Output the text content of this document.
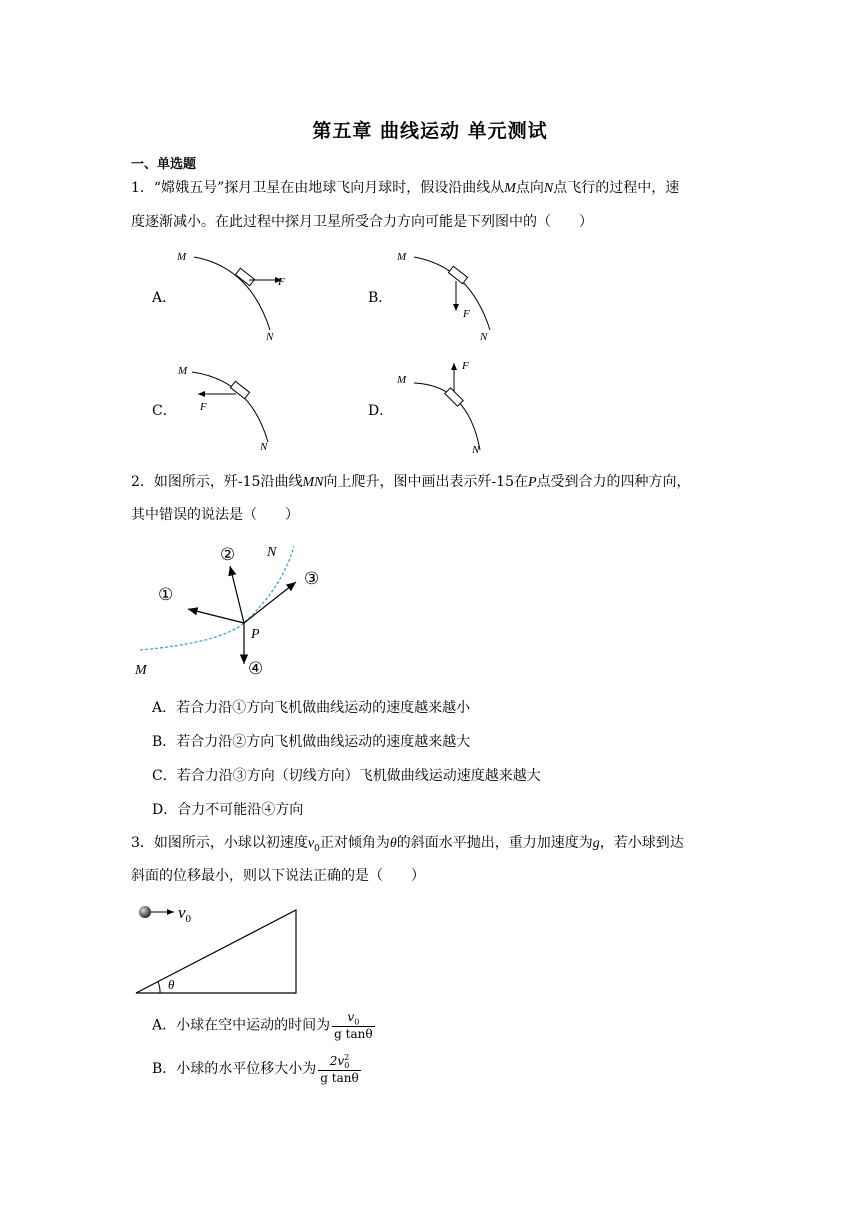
第五章 曲线运动 单元测试
一、单选题
1．“嫦娥五号”探月卫星在由地球飞向月球时，假设沿曲线从M点向N点飞行的过程中，速
度逐渐减小。在此过程中探月卫星所受合力方向可能是下列图中的（　　）
A．	B．
C．	D．
M
N
F
M
N
F
M
N
F
M
N
F
2．如图所示，歼-15沿曲线MN向上爬升，图中画出表示歼-15在P点受到合力的四种方向，
其中错误的说法是（　　）
①
②
③
④
N
M
P
A．若合力沿①方向飞机做曲线运动的速度越来越小
B．若合力沿②方向飞机做曲线运动的速度越来越大
C．若合力沿③方向（切线方向）飞机做曲线运动速度越来越大
D．合力不可能沿④方向
3．如图所示，小球以初速度$v_0$正对倾角为θ的斜面水平抛出，重力加速度为g，若小球到达
斜面的位移最小，则以下说法正确的是（　　）
$v_0$
θ
A．小球在空中运动的时间为 $\frac{v_0}{\text{g tanθ}}$
B．小球的水平位移大小为 $\frac{2v^2_0}{\text{g tanθ}}$
